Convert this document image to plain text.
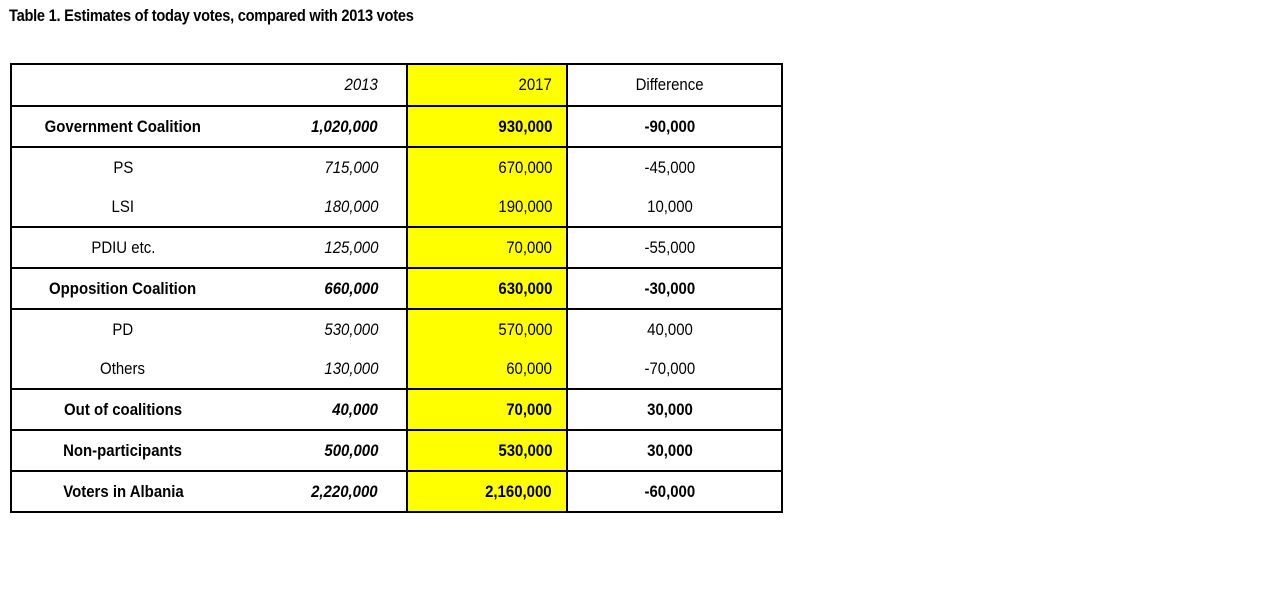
Table 1. Estimates of today votes, compared with 2013 votes
	2013	2017	Difference
Government Coalition	1,020,000	930,000	-90,000
PS	715,000	670,000	-45,000
LSI	180,000	190,000	10,000
PDIU etc.	125,000	70,000	-55,000
Opposition Coalition	660,000	630,000	-30,000
PD	530,000	570,000	40,000
Others	130,000	60,000	-70,000
Out of coalitions	40,000	70,000	30,000
Non-participants	500,000	530,000	30,000
Voters in Albania	2,220,000	2,160,000	-60,000
